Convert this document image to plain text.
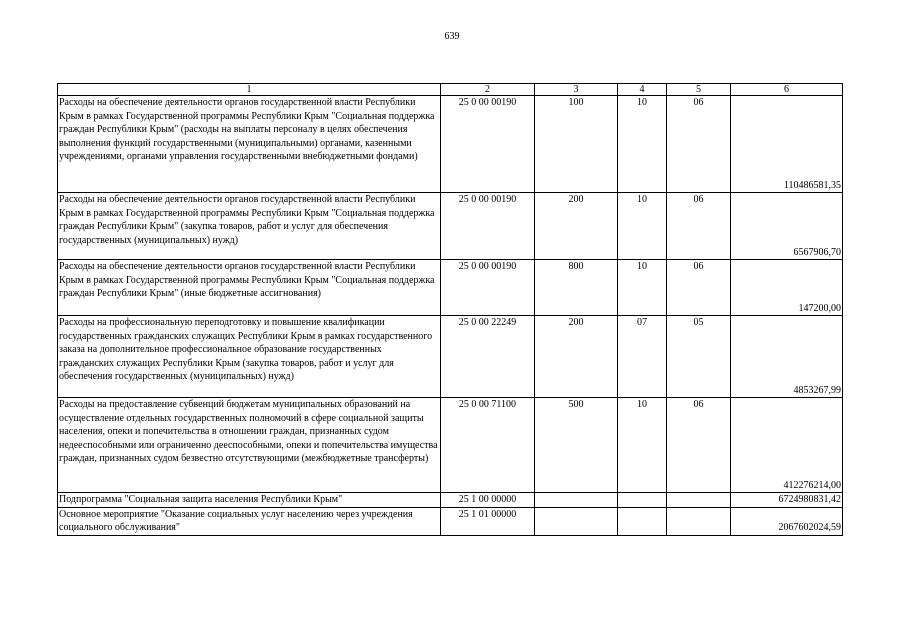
639
1	2	3	4	5	6
Расходы на обеспечение деятельности органов государственной власти Республики Крым в рамках Государственной программы Республики Крым "Социальная поддержка граждан Республики Крым" (расходы на выплаты персоналу в целях обеспечения выполнения функций государственными (муниципальными) органами, казенными учреждениями, органами управления государственными внебюджетными фондами)	25 0 00 00190	100	10	06	110486581,35
Расходы на обеспечение деятельности органов государственной власти Республики Крым в рамках Государственной программы Республики Крым "Социальная поддержка граждан Республики Крым" (закупка товаров, работ и услуг для обеспечения государственных (муниципальных) нужд)	25 0 00 00190	200	10	06	6567906,70
Расходы на обеспечение деятельности органов государственной власти Республики Крым в рамках Государственной программы Республики Крым "Социальная поддержка граждан Республики Крым" (иные бюджетные ассигнования)	25 0 00 00190	800	10	06	147200,00
Расходы на профессиональную переподготовку и повышение квалификации государственных гражданских служащих Республики Крым в рамках государственного заказа на дополнительное профессиональное образование государственных гражданских служащих Республики Крым (закупка товаров, работ и услуг для обеспечения государственных (муниципальных) нужд)	25 0 00 22249	200	07	05	4853267,99
Расходы на предоставление субвенций бюджетам муниципальных образований на осуществление отдельных государственных полномочий в сфере социальной защиты населения, опеки и попечительства в отношении граждан, признанных судом недееспособными или ограниченно дееспособными, опеки и попечительства имущества граждан, признанных судом безвестно отсутствующими (межбюджетные трансферты)	25 0 00 71100	500	10	06	412276214,00
Подпрограмма "Социальная защита населения Республики Крым"	25 1 00 00000				6724980831,42
Основное мероприятие "Оказание социальных услуг населению через учреждения социального обслуживания"	25 1 01 00000				2067602024,59
